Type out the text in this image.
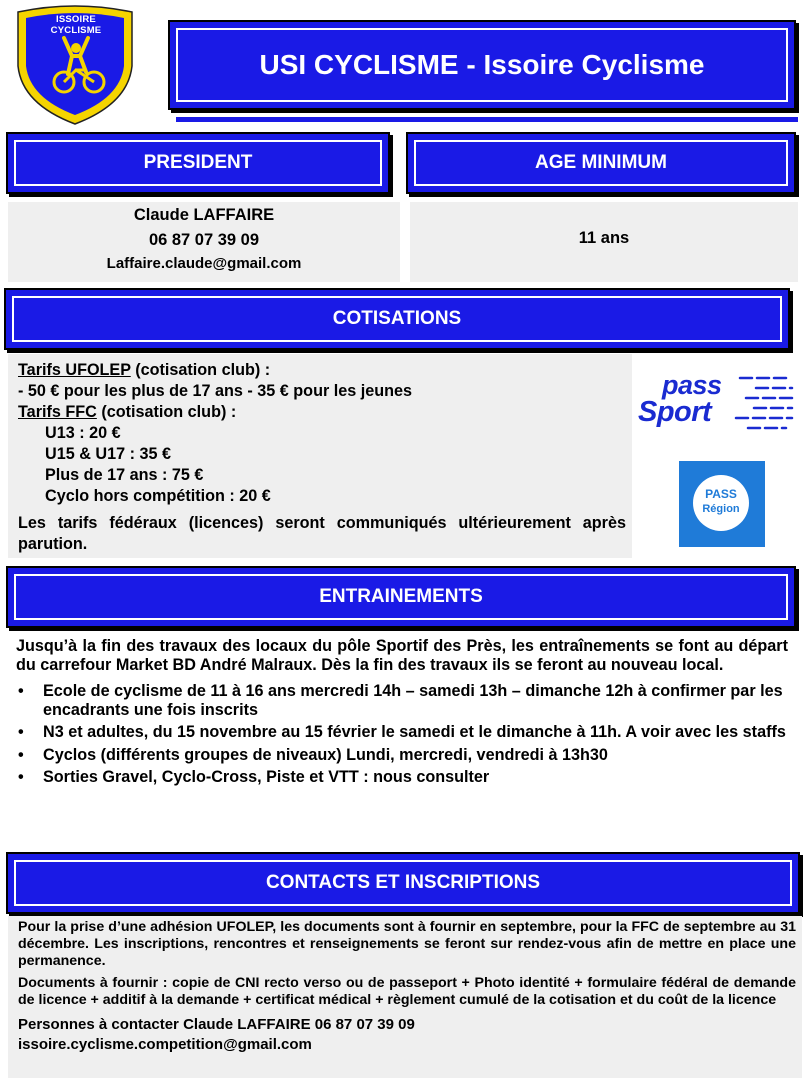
ISSOIRE CYCLISME
USI CYCLISME - Issoire Cyclisme
PRESIDENT
Claude LAFFAIRE
06 87 07 39 09
Laffaire.claude@gmail.com
AGE MINIMUM
11 ans
COTISATIONS
Tarifs UFOLEP (cotisation club) :
- 50 € pour les plus de 17 ans - 35 € pour les jeunes
Tarifs FFC (cotisation club) :
U13 : 20 €
U15 & U17 : 35 €
Plus de 17 ans : 75 €
Cyclo hors compétition : 20 €
Les tarifs fédéraux (licences) seront communiqués ultérieurement après parution.
pass
Sport
PASS
Région
ENTRAINEMENTS
Jusqu’à la fin des travaux des locaux du pôle Sportif des Près, les entraînements se font au départ du carrefour Market BD André Malraux. Dès la fin des travaux ils se feront au nouveau local.
• Ecole de cyclisme de 11 à 16 ans mercredi 14h – samedi 13h – dimanche 12h à confirmer par les encadrants une fois inscrits
• N3 et adultes, du 15 novembre au 15 février le samedi et le dimanche à 11h. A voir avec les staffs
• Cyclos (différents groupes de niveaux) Lundi, mercredi, vendredi à 13h30
• Sorties Gravel, Cyclo-Cross, Piste et VTT : nous consulter
CONTACTS ET INSCRIPTIONS
Pour la prise d’une adhésion UFOLEP, les documents sont à fournir en septembre, pour la FFC de septembre au 31 décembre. Les inscriptions, rencontres et renseignements se feront sur rendez-vous afin de mettre en place une permanence.
Documents à fournir : copie de CNI recto verso ou de passeport + Photo identité + formulaire fédéral de demande de licence + additif à la demande + certificat médical + règlement cumulé de la cotisation et du coût de la licence
Personnes à contacter Claude LAFFAIRE 06 87 07 39 09
issoire.cyclisme.competition@gmail.com
